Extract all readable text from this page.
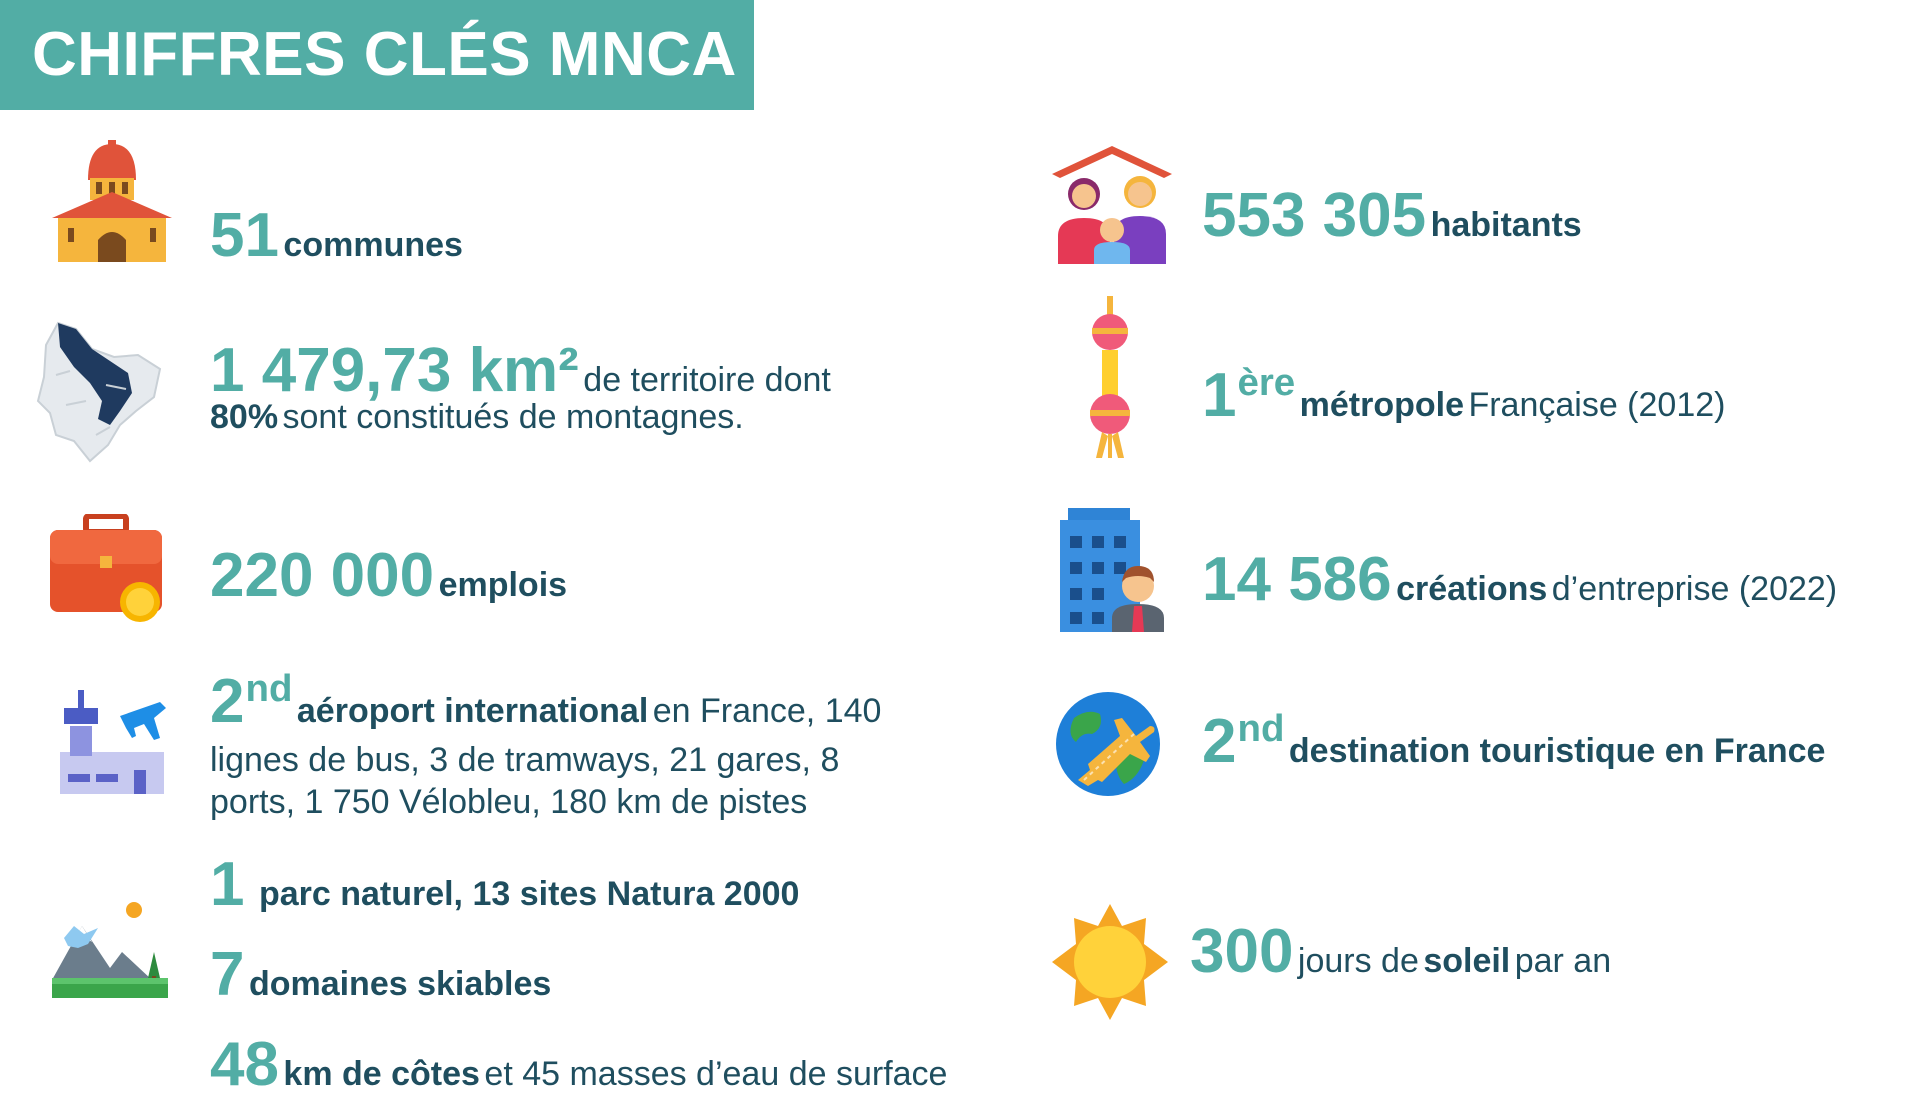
CHIFFRES CLÉS MNCA
51 communes
1 479,73 km² de territoire dont
80% sont constitués de montagnes.
220 000 emplois
2nd aéroport international en France, 140
lignes de bus, 3 de tramways, 21 gares, 8
ports, 1 750 Vélobleu, 180 km de pistes
1 parc naturel, 13 sites Natura 2000
7 domaines skiables
48 km de côtes et 45 masses d’eau de surface
553 305 habitants
1ère métropole Française (2012)
14 586 créations d’entreprise (2022)
2nd destination touristique en France
300 jours de soleil par an
